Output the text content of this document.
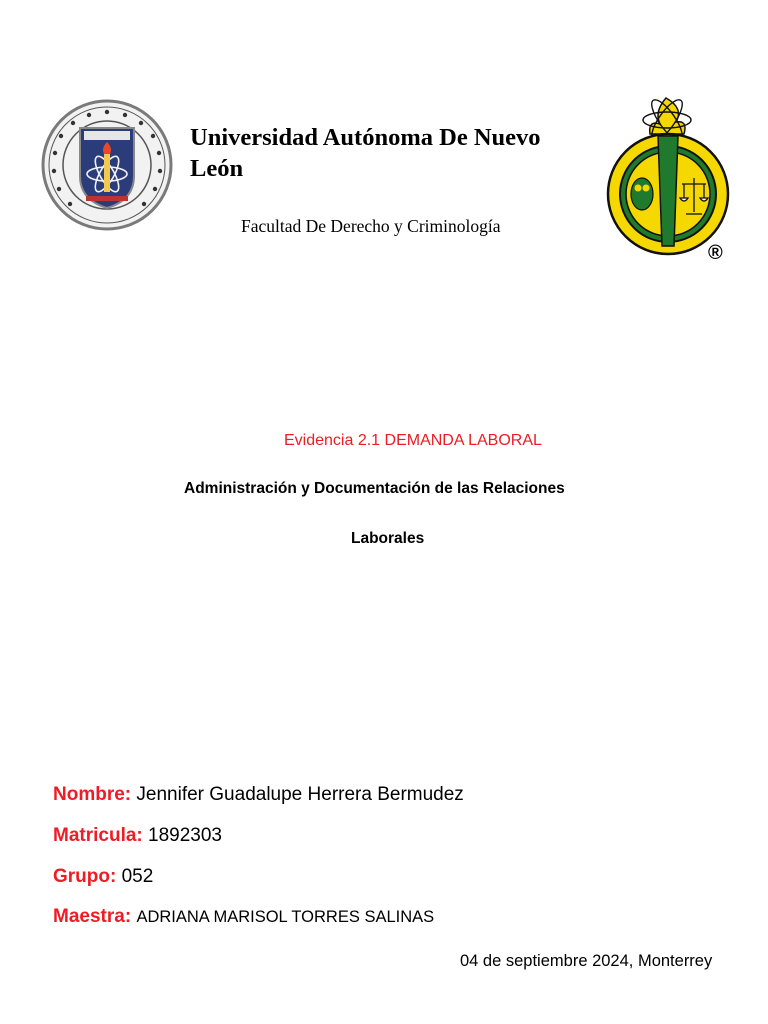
Universidad Autónoma De Nuevo León
Facultad De Derecho y Criminología
®
Evidencia 2.1 DEMANDA LABORAL
Administración y Documentación de las Relaciones
Laborales
Nombre: Jennifer Guadalupe Herrera Bermudez
Matricula: 1892303
Grupo: 052
Maestra: ADRIANA MARISOL TORRES SALINAS
04 de septiembre 2024, Monterrey
